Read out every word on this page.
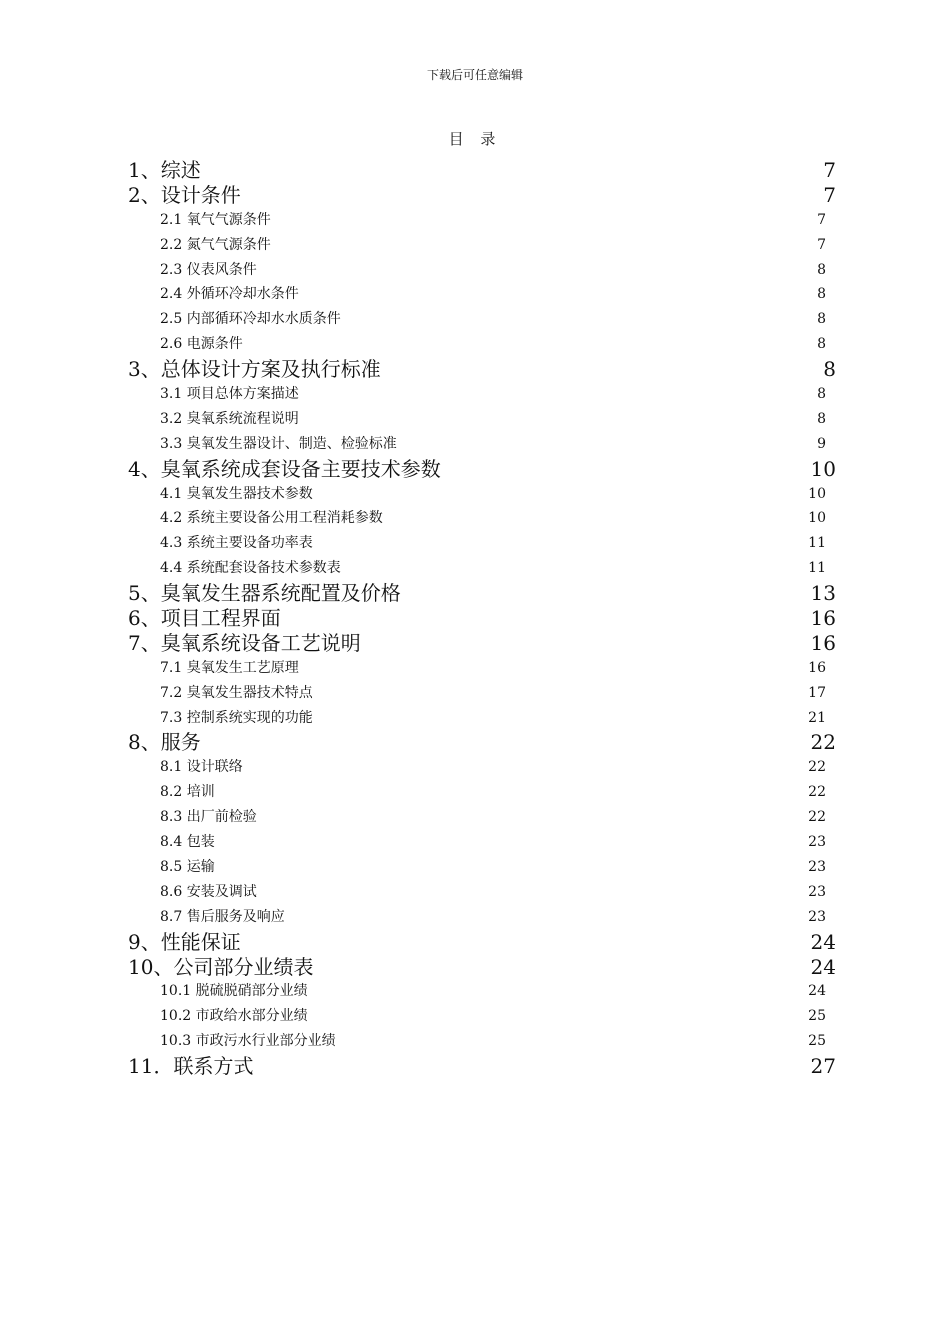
下载后可任意编辑
目 录
1、综述	7
2、设计条件	7
2.1 氧气气源条件	7
2.2 氮气气源条件	7
2.3 仪表风条件	8
2.4 外循环冷却水条件	8
2.5 内部循环冷却水水质条件	8
2.6 电源条件	8
3、总体设计方案及执行标准	8
3.1 项目总体方案描述	8
3.2 臭氧系统流程说明	8
3.3 臭氧发生器设计、制造、检验标准	9
4、臭氧系统成套设备主要技术参数	10
4.1 臭氧发生器技术参数	10
4.2 系统主要设备公用工程消耗参数	10
4.3 系统主要设备功率表	11
4.4 系统配套设备技术参数表	11
5、臭氧发生器系统配置及价格	13
6、项目工程界面	16
7、臭氧系统设备工艺说明	16
7.1 臭氧发生工艺原理	16
7.2 臭氧发生器技术特点	17
7.3 控制系统实现的功能	21
8、服务	22
8.1 设计联络	22
8.2 培训	22
8.3 出厂前检验	22
8.4 包装	23
8.5 运输	23
8.6 安装及调试	23
8.7 售后服务及响应	23
9、性能保证	24
10、公司部分业绩表	24
10.1 脱硫脱硝部分业绩	24
10.2 市政给水部分业绩	25
10.3 市政污水行业部分业绩	25
11．联系方式	27
